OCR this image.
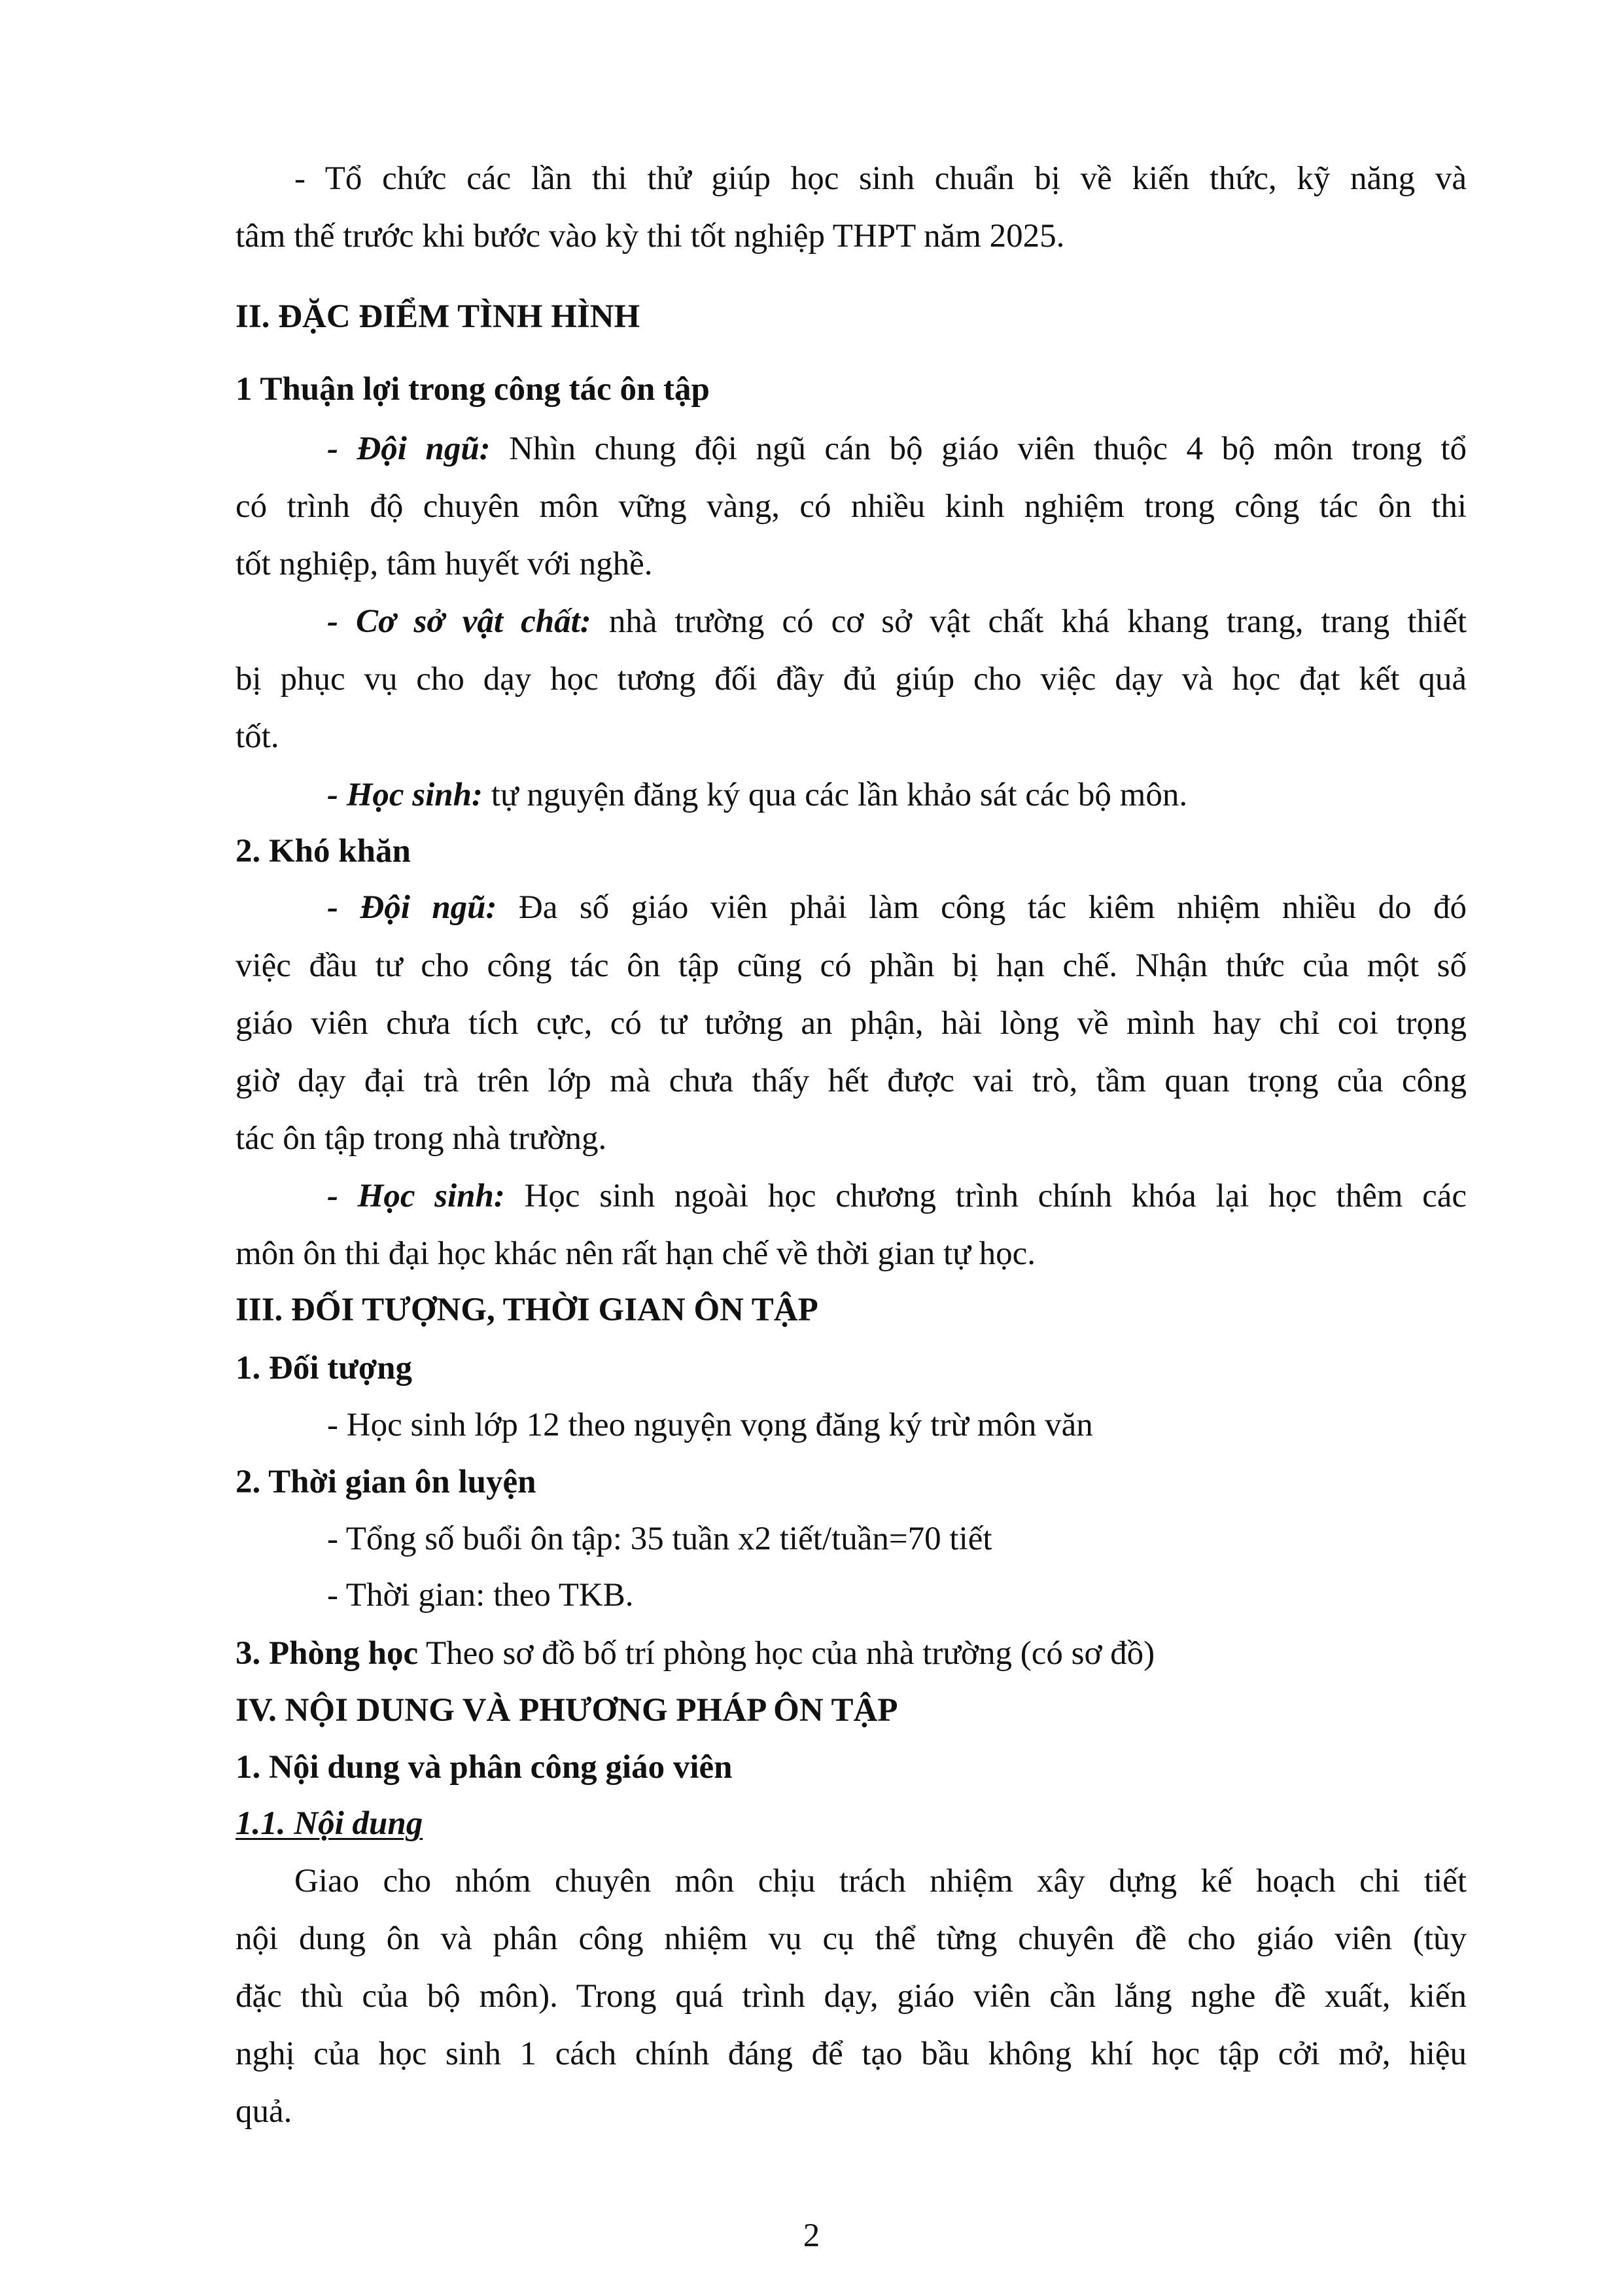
- Tổ chức các lần thi thử giúp học sinh chuẩn bị về kiến thức, kỹ năng và
tâm thế trước khi bước vào kỳ thi tốt nghiệp THPT năm 2025.
II. ĐẶC ĐIỂM TÌNH HÌNH
1 Thuận lợi trong công tác ôn tập
- Đội ngũ: Nhìn chung đội ngũ cán bộ giáo viên thuộc 4 bộ môn trong tổ
có trình độ chuyên môn vững vàng, có nhiều kinh nghiệm trong công tác ôn thi
tốt nghiệp, tâm huyết với nghề.
- Cơ sở vật chất: nhà trường có cơ sở vật chất khá khang trang, trang thiết
bị phục vụ cho dạy học tương đối đầy đủ giúp cho việc dạy và học đạt kết quả
tốt.
- Học sinh: tự nguyện đăng ký qua các lần khảo sát các bộ môn.
2. Khó khăn
- Đội ngũ: Đa số giáo viên phải làm công tác kiêm nhiệm nhiều do đó
việc đầu tư cho công tác ôn tập cũng có phần bị hạn chế. Nhận thức của một số
giáo viên chưa tích cực, có tư tưởng an phận, hài lòng về mình hay chỉ coi trọng
giờ dạy đại trà trên lớp mà chưa thấy hết được vai trò, tầm quan trọng của công
tác ôn tập trong nhà trường.
- Học sinh: Học sinh ngoài học chương trình chính khóa lại học thêm các
môn ôn thi đại học khác nên rất hạn chế về thời gian tự học.
III. ĐỐI TƯỢNG, THỜI GIAN ÔN TẬP
1. Đối tượng
- Học sinh lớp 12 theo nguyện vọng đăng ký trừ môn văn
2. Thời gian ôn luyện
- Tổng số buổi ôn tập: 35 tuần x2 tiết/tuần=70 tiết
- Thời gian: theo TKB.
3. Phòng học Theo sơ đồ bố trí phòng học của nhà trường (có sơ đồ)
IV. NỘI DUNG VÀ PHƯƠNG PHÁP ÔN TẬP
1. Nội dung và phân công giáo viên
1.1. Nội dung
Giao cho nhóm chuyên môn chịu trách nhiệm xây dựng kế hoạch chi tiết
nội dung ôn và phân công nhiệm vụ cụ thể từng chuyên đề cho giáo viên (tùy
đặc thù của bộ môn). Trong quá trình dạy, giáo viên cần lắng nghe đề xuất, kiến
nghị của học sinh 1 cách chính đáng để tạo bầu không khí học tập cởi mở, hiệu
quả.
2
